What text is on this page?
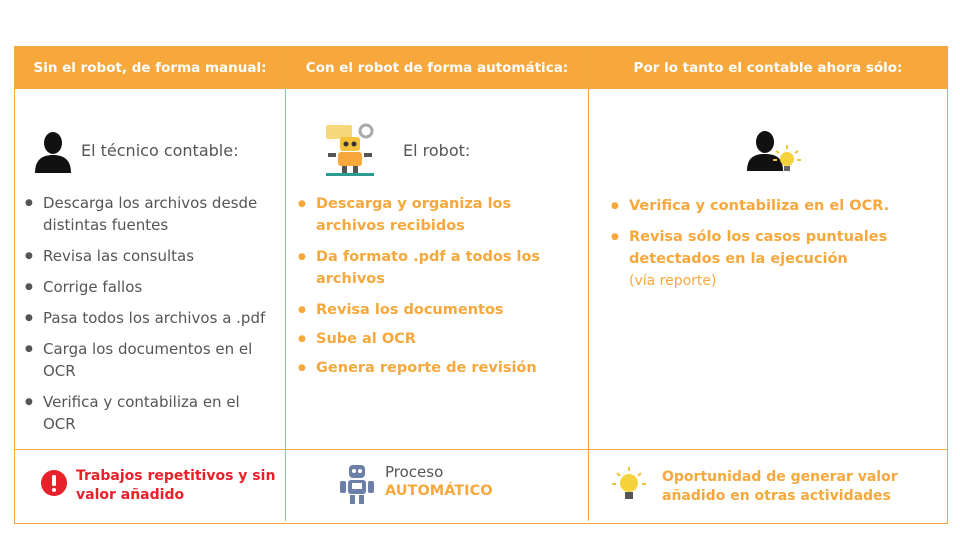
Sin el robot, de forma manual:	Con el robot de forma automática:	Por lo tanto el contable ahora sólo:
El técnico contable:
● Descarga los archivos desde distintas fuentes
● Revisa las consultas
● Corrige fallos
● Pasa todos los archivos a .pdf
● Carga los documentos en el OCR
● Verifica y contabiliza en el OCR
El robot:
● Descarga y organiza los archivos recibidos
● Da formato .pdf a todos los archivos
● Revisa los documentos
● Sube al OCR
● Genera reporte de revisión
● Verifica y contabiliza en el OCR.
● Revisa sólo los casos puntuales detectados en la ejecución
(vía reporte)
Trabajos repetitivos y sin valor añadido
Proceso
AUTOMÁTICO
Oportunidad de generar valor añadido en otras actividades
